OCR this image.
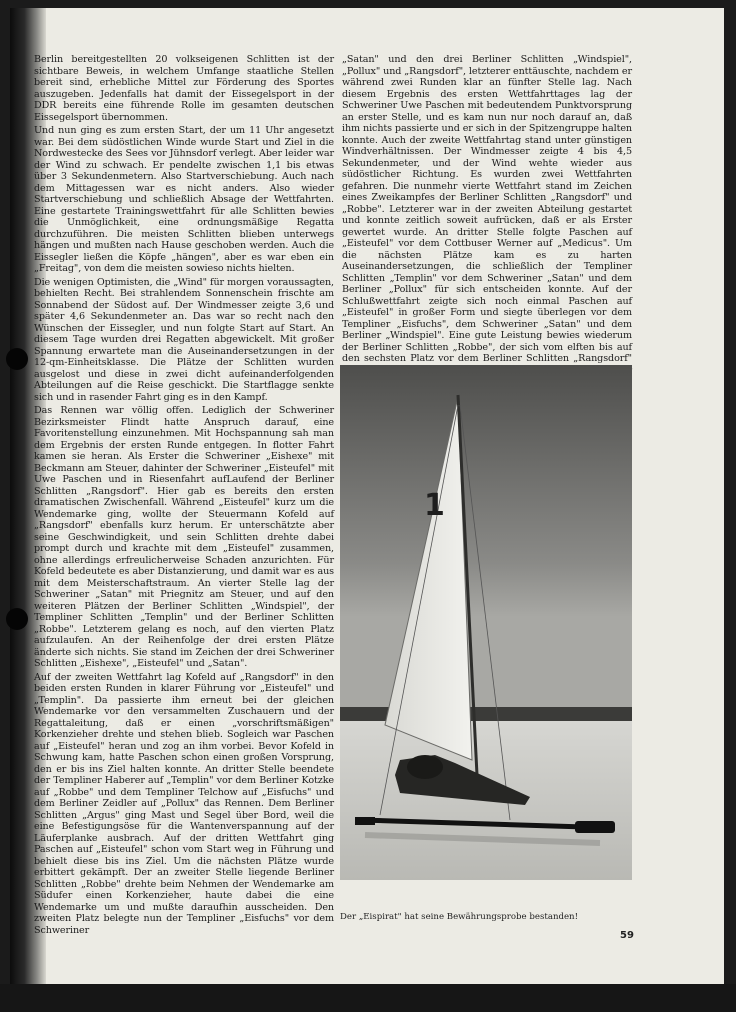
Berlin bereitgestellten 20 volkseigenen Schlitten ist der sichtbare Beweis, in welchem Umfange staatliche Stellen bereit sind, erhebliche Mittel zur Förderung des Sportes auszugeben. Jedenfalls hat damit der Eissegelsport in der DDR bereits eine führende Rolle im gesamten deutschen Eissegelsport übernommen.

Und nun ging es zum ersten Start, der um 11 Uhr angesetzt war. Bei dem südöstlichen Winde wurde Start und Ziel in die Nordwestecke des Sees vor Jühnsdorf verlegt. Aber leider war der Wind zu schwach. Er pendelte zwischen 1,1 bis etwas über 3 Sekundenmetern. Also Startverschiebung. Auch nach dem Mittagessen war es nicht anders. Also wieder Startverschiebung und schließlich Absage der Wettfahrten. Eine gestartete Trainingswettfahrt für alle Schlitten bewies die Unmöglichkeit, eine ordnungsmäßige Regatta durchzuführen. Die meisten Schlitten blieben unterwegs hängen und mußten nach Hause geschoben werden. Auch die Eissegler ließen die Köpfe „hängen", aber es war eben ein „Freitag", von dem die meisten sowieso nichts hielten.

Die wenigen Optimisten, die „Wind" für morgen voraussagten, behielten Recht. Bei strahlendem Sonnenschein frischte am Sonnabend der Südost auf. Der Windmesser zeigte 3,6 und später 4,6 Sekundenmeter an. Das war so recht nach den Wünschen der Eissegler, und nun folgte Start auf Start. An diesem Tage wurden drei Regatten abgewickelt. Mit großer Spannung erwartete man die Auseinandersetzungen in der 12-qm-Einheitsklasse. Die Plätze der Schlitten wurden ausgelost und diese in zwei dicht aufeinanderfolgenden Abteilungen auf die Reise geschickt. Die Startflagge senkte sich und in rasender Fahrt ging es in den Kampf.

Das Rennen war völlig offen. Lediglich der Schweriner Bezirksmeister Flindt hatte Anspruch darauf, eine Favoritenstellung einzunehmen. Mit Hochspannung sah man dem Ergebnis der ersten Runde entgegen. In flotter Fahrt kamen sie heran. Als Erster die Schweriner „Eishexe" mit Beckmann am Steuer, dahinter der Schweriner „Eisteufel" mit Uwe Paschen und in Riesenfahrt aufLaufend der Berliner Schlitten „Rangsdorf". Hier gab es bereits den ersten dramatischen Zwischenfall. Während „Eisteufel" kurz um die Wendemarke ging, wollte der Steuermann Kofeld auf „Rangsdorf" ebenfalls kurz herum. Er unterschätzte aber seine Geschwindigkeit, und sein Schlitten drehte dabei prompt durch und krachte mit dem „Eisteufel" zusammen, ohne allerdings erfreulicherweise Schaden anzurichten. Für Kofeld bedeutete es aber Distanzierung, und damit war es aus mit dem Meisterschaftstraum. An vierter Stelle lag der Schweriner „Satan" mit Priegnitz am Steuer, und auf den weiteren Plätzen der Berliner Schlitten „Windspiel", der Templiner Schlitten „Templin" und der Berliner Schlitten „Robbe". Letzterem gelang es noch, auf den vierten Platz aufzulaufen. An der Reihenfolge der drei ersten Plätze änderte sich nichts. Sie stand im Zeichen der drei Schweriner Schlitten „Eishexe", „Eisteufel" und „Satan".

Auf der zweiten Wettfahrt lag Kofeld auf „Rangsdorf" in den beiden ersten Runden in klarer Führung vor „Eisteufel" und „Templin". Da passierte ihm erneut bei der gleichen Wendemarke vor den versammelten Zuschauern und der Regattaleitung, daß er einen „vorschriftsmäßigen" Korkenzieher drehte und stehen blieb. Sogleich war Paschen auf „Eisteufel" heran und zog an ihm vorbei. Bevor Kofeld in Schwung kam, hatte Paschen schon einen großen Vorsprung, den er bis ins Ziel halten konnte. An dritter Stelle beendete der Templiner Haberer auf „Templin" vor dem Berliner Kotzke auf „Robbe" und dem Templiner Telchow auf „Eisfuchs" und dem Berliner Zeidler auf „Pollux" das Rennen. Dem Berliner Schlitten „Argus" ging Mast und Segel über Bord, weil die eine Befestigungsöse für die Wantenverspannung auf der Läuferplanke ausbrach. Auf der dritten Wettfahrt ging Paschen auf „Eisteufel" schon vom Start weg in Führung und behielt diese bis ins Ziel. Um die nächsten Plätze wurde erbittert gekämpft. Der an zweiter Stelle liegende Berliner Schlitten „Robbe" drehte beim Nehmen der Wendemarke am Südufer einen Korkenzieher, haute dabei die eine Wendemarke um und mußte daraufhin ausscheiden. Den zweiten Platz belegte nun der Templiner „Eisfuchs" vor dem Schweriner

„Satan" und den drei Berliner Schlitten „Windspiel", „Pollux" und „Rangsdorf", letzterer enttäuschte, nachdem er während zwei Runden klar an fünfter Stelle lag. Nach diesem Ergebnis des ersten Wettfahrttages lag der Schweriner Uwe Paschen mit bedeutendem Punktvorsprung an erster Stelle, und es kam nun nur noch darauf an, daß ihm nichts passierte und er sich in der Spitzengruppe halten konnte. Auch der zweite Wettfahrtag stand unter günstigen Windverhältnissen. Der Windmesser zeigte 4 bis 4,5 Sekundenmeter, und der Wind wehte wieder aus südöstlicher Richtung. Es wurden zwei Wettfahrten gefahren. Die nunmehr vierte Wettfahrt stand im Zeichen eines Zweikampfes der Berliner Schlitten „Rangsdorf" und „Robbe". Letzterer war in der zweiten Abteilung gestartet und konnte zeitlich soweit aufrücken, daß er als Erster gewertet wurde. An dritter Stelle folgte Paschen auf „Eisteufel" vor dem Cottbuser Werner auf „Medicus". Um die nächsten Plätze kam es zu harten Auseinandersetzungen, die schließlich der Templiner Schlitten „Templin" vor dem Schweriner „Satan" und dem Berliner „Pollux" für sich entscheiden konnte. Auf der Schlußwettfahrt zeigte sich noch einmal Paschen auf „Eisteufel" in großer Form und siegte überlegen vor dem Templiner „Eisfuchs", dem Schweriner „Satan" und dem Berliner „Windspiel". Eine gute Leistung bewies wiederum der Berliner Schlitten „Robbe", der sich vom elften bis auf den sechsten Platz vor dem Berliner Schlitten „Rangsdorf"

1
Der „Eispirat" hat seine Bewährungsprobe bestanden!
59
